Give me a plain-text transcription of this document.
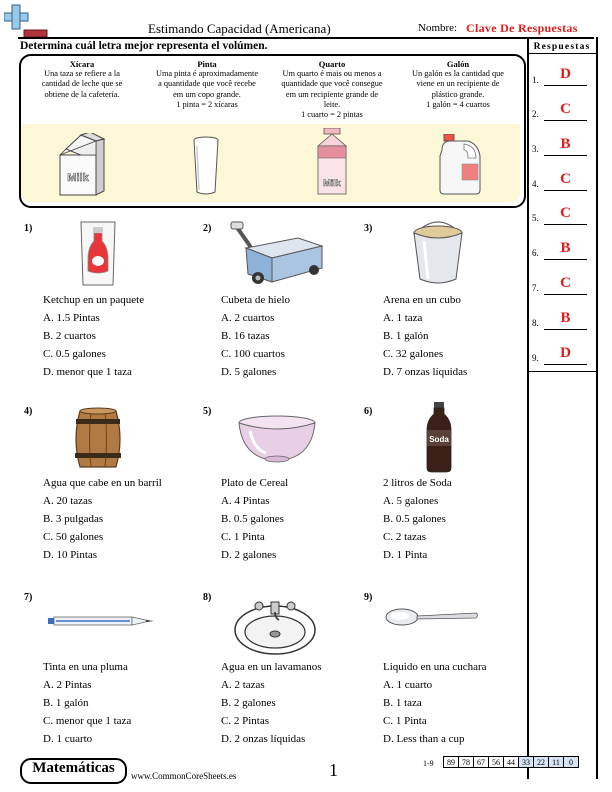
Estimando Capacidad (Americana)	Nombre: Clave De Respuestas
Respuestas
1.	D
2.	C
3.	B
4.	C
5.	C
6.	B
7.	C
8.	B
9.	D
Determina cuál letra mejor representa el volúmen.
Xícara
Una taza se refiere a la
cantidad de leche que se
obtiene de la cafetería.
Pinta
Uma pinta é aproximadamente
a quantidade que você recebe
em um copo grande.
1 pinta = 2 xícaras
Quarto
Um quarto é mais ou menos a
quantidade que você consegue
em um recipiente grande de
leite.
1 cuarto = 2 pintas
Galón
Un galón es la cantidad que
viene en un recipiente de
plástico grande.
1 galón = 4 cuartos
Milk	Milk
1)
Ketchup en un paquete
A. 1.5 Pintas
B. 2 cuartos
C. 0.5 galones
D. menor que 1 taza
2)
Cubeta de hielo
A. 2 cuartos
B. 16 tazas
C. 100 cuartos
D. 5 galones
3)
Arena en un cubo
A. 1 taza
B. 1 galón
C. 32 galones
D. 7 onzas líquidas
4)
Agua que cabe en un barril
A. 20 tazas
B. 3 pulgadas
C. 50 galones
D. 10 Pintas
5)
Plato de Cereal
A. 4 Pintas
B. 0.5 galones
C. 1 Pinta
D. 2 galones
6)
Soda
2 litros de Soda
A. 5 galones
B. 0.5 galones
C. 2 tazas
D. 1 Pinta
7)
Tinta en una pluma
A. 2 Pintas
B. 1 galón
C. menor que 1 taza
D. 1 cuarto
8)
Agua en un lavamanos
A. 2 tazas
B. 2 galones
C. 2 Pintas
D. 2 onzas líquidas
9)
Liquido en una cuchara
A. 1 cuarto
B. 1 taza
C. 1 Pinta
D. Less than a cup
Matemáticas	www.CommonCoreSheets.es	1	1-9 89	78	67	56	44	33	22	11	0
